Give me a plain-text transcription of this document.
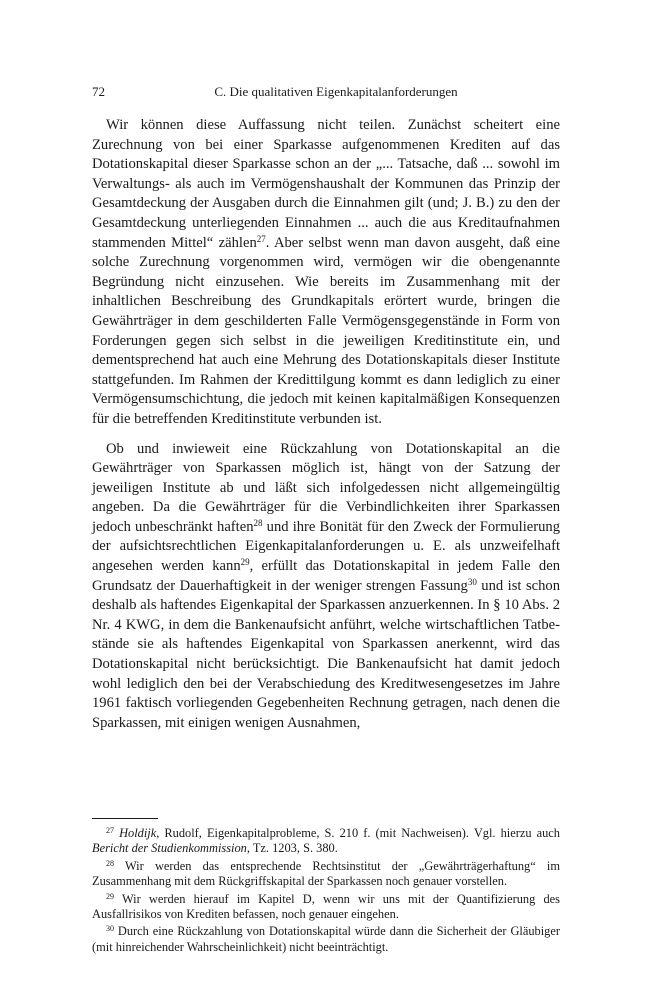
72	C. Die qualitativen Eigenkapitalanforderungen

Wir können diese Auffassung nicht teilen. Zunächst scheitert eine Zurechnung von bei einer Sparkasse aufgenommenen Krediten auf das Dotationskapital dieser Sparkasse schon an der „... Tatsache, daß ... sowohl im Verwaltungs- als auch im Vermögenshaushalt der Kommunen das Prinzip der Gesamtdeckung der Ausgaben durch die Einnahmen gilt (und; J. B.) zu den der Gesamtdeckung unterliegenden Einnahmen ... auch die aus Kreditaufnahmen stammenden Mittel“ zählen$^{27}$. Aber selbst wenn man davon ausgeht, daß eine solche Zurechnung vorgenommen wird, vermögen wir die obengenannte Begründung nicht einzusehen. Wie bereits im Zusammenhang mit der inhaltlichen Beschreibung des Grundkapitals erörtert wurde, bringen die Gewährträger in dem geschilderten Falle Vermögensgegenstände in Form von Forderungen gegen sich selbst in die jeweiligen Kreditinstitute ein, und dementsprechend hat auch eine Mehrung des Dotationskapitals dieser Institute stattgefunden. Im Rahmen der Kredittilgung kommt es dann lediglich zu einer Vermögensumschichtung, die jedoch mit keinen kapitalmäßigen Konsequenzen für die betreffenden Kreditinstitute verbunden ist.

Ob und inwieweit eine Rückzahlung von Dotationskapital an die Gewährträger von Sparkassen möglich ist, hängt von der Satzung der jeweiligen Institute ab und läßt sich infolgedessen nicht allgemeingültig angeben. Da die Gewährträger für die Verbindlichkeiten ihrer Sparkassen jedoch unbeschränkt haften$^{28}$ und ihre Bonität für den Zweck der Formulierung der aufsichtsrechtlichen Eigenkapitalanforderungen u. E. als unzweifelhaft angesehen werden kann$^{29}$, erfüllt das Dotationskapital in jedem Falle den Grundsatz der Dauerhaftigkeit in der weniger strengen Fassung$^{30}$ und ist schon deshalb als haftendes Eigenkapital der Sparkassen anzuerkennen. In § 10 Abs. 2 Nr. 4 KWG, in dem die Bankenaufsicht anführt, welche wirtschaftlichen Tatbestände sie als haftendes Eigenkapital von Sparkassen anerkennt, wird das Dotationskapital nicht berücksichtigt. Die Bankenaufsicht hat damit jedoch wohl lediglich den bei der Verabschiedung des Kreditwesengesetzes im Jahre 1961 faktisch vorliegenden Gegebenheiten Rechnung getragen, nach denen die Sparkassen, mit einigen wenigen Ausnahmen,

$^{27}$ Holdijk, Rudolf, Eigenkapitalprobleme, S. 210 f. (mit Nachweisen). Vgl. hierzu auch Bericht der Studienkommission, Tz. 1203, S. 380.

$^{28}$ Wir werden das entsprechende Rechtsinstitut der „Gewährträgerhaftung“ im Zusammenhang mit dem Rückgriffskapital der Sparkassen noch genauer vorstellen.

$^{29}$ Wir werden hierauf im Kapitel D, wenn wir uns mit der Quantifizierung des Ausfallrisikos von Krediten befassen, noch genauer eingehen.

$^{30}$ Durch eine Rückzahlung von Dotationskapital würde dann die Sicherheit der Gläubiger (mit hinreichender Wahrscheinlichkeit) nicht beeinträchtigt.
